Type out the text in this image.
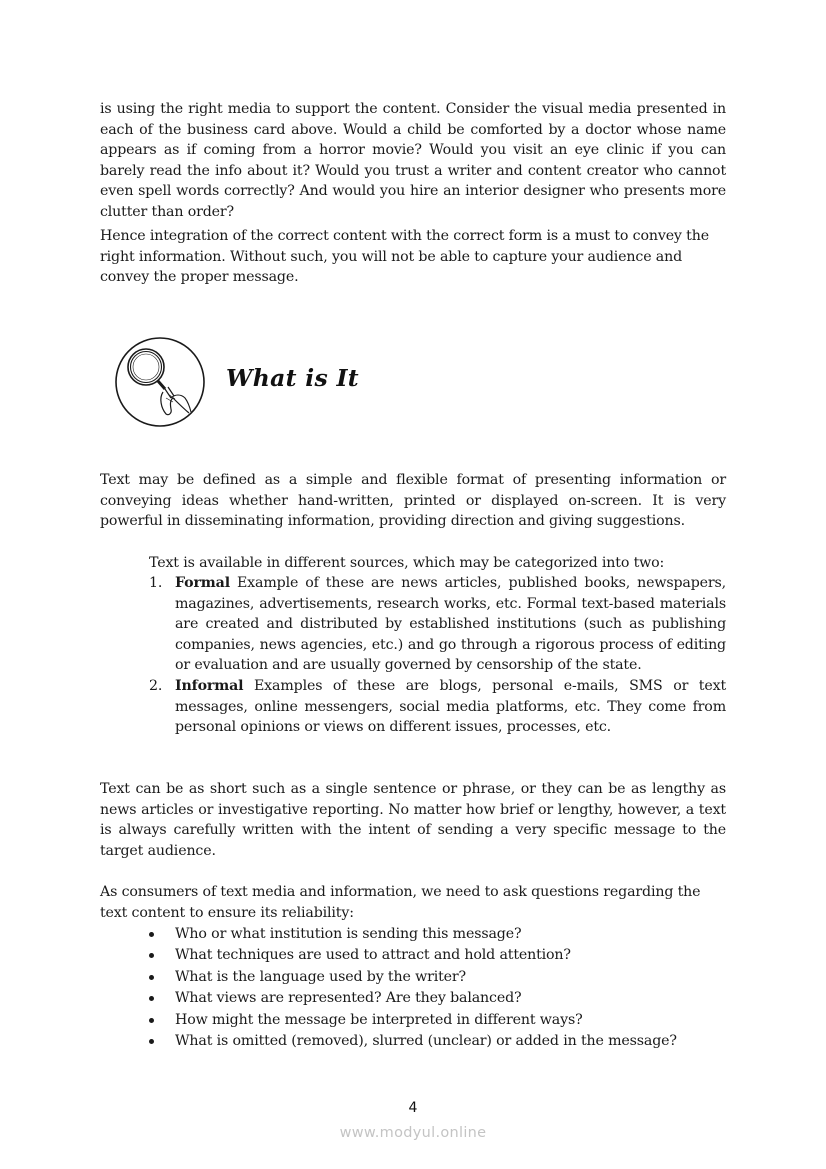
is using the right media to support the content. Consider the visual media presented in each of the business card above. Would a child be comforted by a doctor whose name appears as if coming from a horror movie? Would you visit an eye clinic if you can barely read the info about it? Would you trust a writer and content creator who cannot even spell words correctly? And would you hire an interior designer who presents more clutter than order?

Hence integration of the correct content with the correct form is a must to convey the right information. Without such, you will not be able to capture your audience and convey the proper message.

What is It

Text may be defined as a simple and flexible format of presenting information or conveying ideas whether hand-written, printed or displayed on-screen. It is very powerful in disseminating information, providing direction and giving suggestions.

Text is available in different sources, which may be categorized into two:

1. Formal Example of these are news articles, published books, newspapers, magazines, advertisements, research works, etc. Formal text-based materials are created and distributed by established institutions (such as publishing companies, news agencies, etc.) and go through a rigorous process of editing or evaluation and are usually governed by censorship of the state.
2. Informal Examples of these are blogs, personal e-mails, SMS or text messages, online messengers, social media platforms, etc. They come from personal opinions or views on different issues, processes, etc.

Text can be as short such as a single sentence or phrase, or they can be as lengthy as news articles or investigative reporting. No matter how brief or lengthy, however, a text is always carefully written with the intent of sending a very specific message to the target audience.

As consumers of text media and information, we need to ask questions regarding the text content to ensure its reliability:

Who or what institution is sending this message?
What techniques are used to attract and hold attention?
What is the language used by the writer?
What views are represented? Are they balanced?
How might the message be interpreted in different ways?
What is omitted (removed), slurred (unclear) or added in the message?
4
www.modyul.online
